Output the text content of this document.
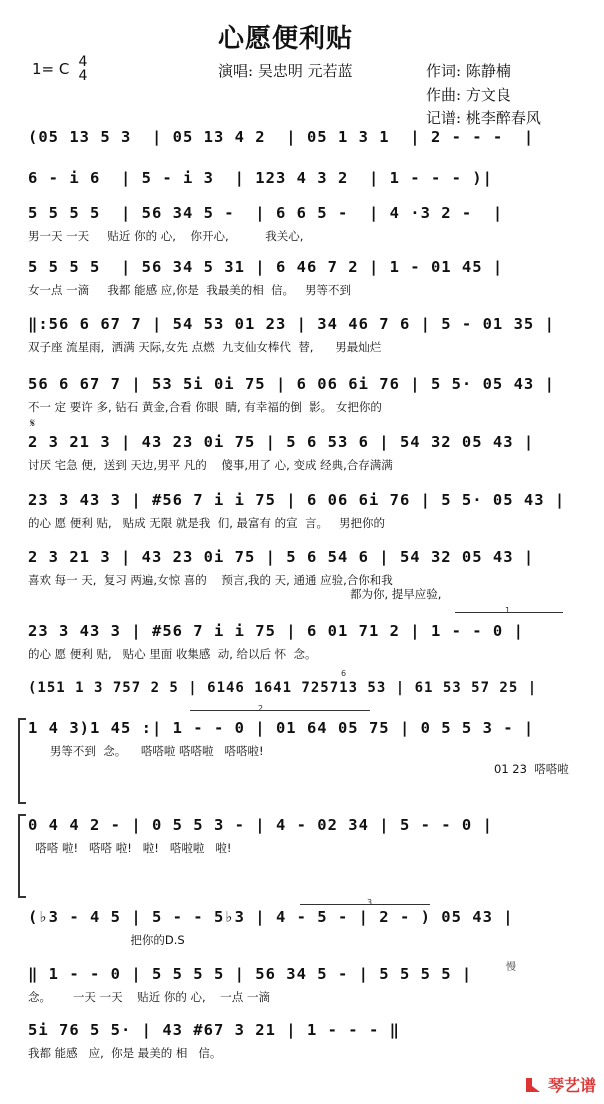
心愿便利贴
1= C 4
4	演唱: 吴忠明 元若蓝	作词: 陈静楠
作曲: 方文良
记谱: 桃李醉春风
𝄋
1
2
3
6
慢
(05 13 5 3  | 05 13 4 2  | 05 1 3 1  | 2 - - -  |
6 - i 6  | 5 - i 3  | 123 4 3 2  | 1 - - - )|
5 5 5 5  | 56 34 5 -  | 6 6 5 -  | 4 ·3 2 -  |
男一天 一天     贴近 你的 心,    你开心,          我关心,
5 5 5 5  | 56 34 5 31 | 6 46 7 2 | 1 - 01 45 |
女一点 一滴     我都 能感 应,你是  我最美的相  信。   男等不到
‖:56 6 67 7 | 54 53 01 23 | 34 46 7 6 | 5 - 01 35 |
双子座 流星雨,  洒满 天际,女先 点燃  九支仙女棒代  替,      男最灿烂
56 6 67 7 | 53 5i 0i 75 | 6 06 6i 76 | 5 5· 05 43 |
不一 定 要许 多, 钻石 黄金,合看 你眼  睛, 有幸福的倒  影。 女把你的
2 3 21 3 | 43 23 0i 75 | 5 6 53 6 | 54 32 05 43 |
讨厌 宅急 便,  送到 天边,男平 凡的    傻事,用了 心, 变成 经典,合存满满
23 3 43 3 | #56 7 i i 75 | 6 06 6i 76 | 5 5· 05 43 |
的心 愿 便利 贴,   贴成 无限 就是我  们, 最富有 的宣  言。   男把你的
2 3 21 3 | 43 23 0i 75 | 5 6 54 6 | 54 32 05 43 |
喜欢 每一 天,  复习 两遍,女惊 喜的    预言,我的 天, 通通 应验,合你和我
都为你, 提早应验,
23 3 43 3 | #56 7 i i 75 | 6 01 71 2 | 1 - - 0 |
的心 愿 便利 贴,   贴心 里面 收集感  动, 给以后 怀  念。
(151 1 3 757 2 5 | 6146 1641 725713 53 | 61 53 57 25 |
1 4 3)1 45 :| 1 - - 0 | 01 64 05 75 | 0 5 5 3 - |
男等不到  念。    嗒嗒啦 嗒嗒啦   嗒嗒啦!
01 23  嗒嗒啦
0 4 4 2 - | 0 5 5 3 - | 4 - 02 34 | 5 - - 0 |
嗒嗒 啦!   嗒嗒 啦!   啦!   嗒啦啦   啦!
(♭3 - 4 5 | 5 - - 5♭3 | 4 - 5 - | 2 - ) 05 43 |
把你的D.S
‖ 1 - - 0 | 5 5 5 5 | 56 34 5 - | 5 5 5 5 |
念。      一天 一天    贴近 你的 心,    一点 一滴
5i 76 5 5· | 43 #67 3 21 | 1 - - - ‖
我都 能感   应,  你是 最美的 相   信。
琴艺谱
